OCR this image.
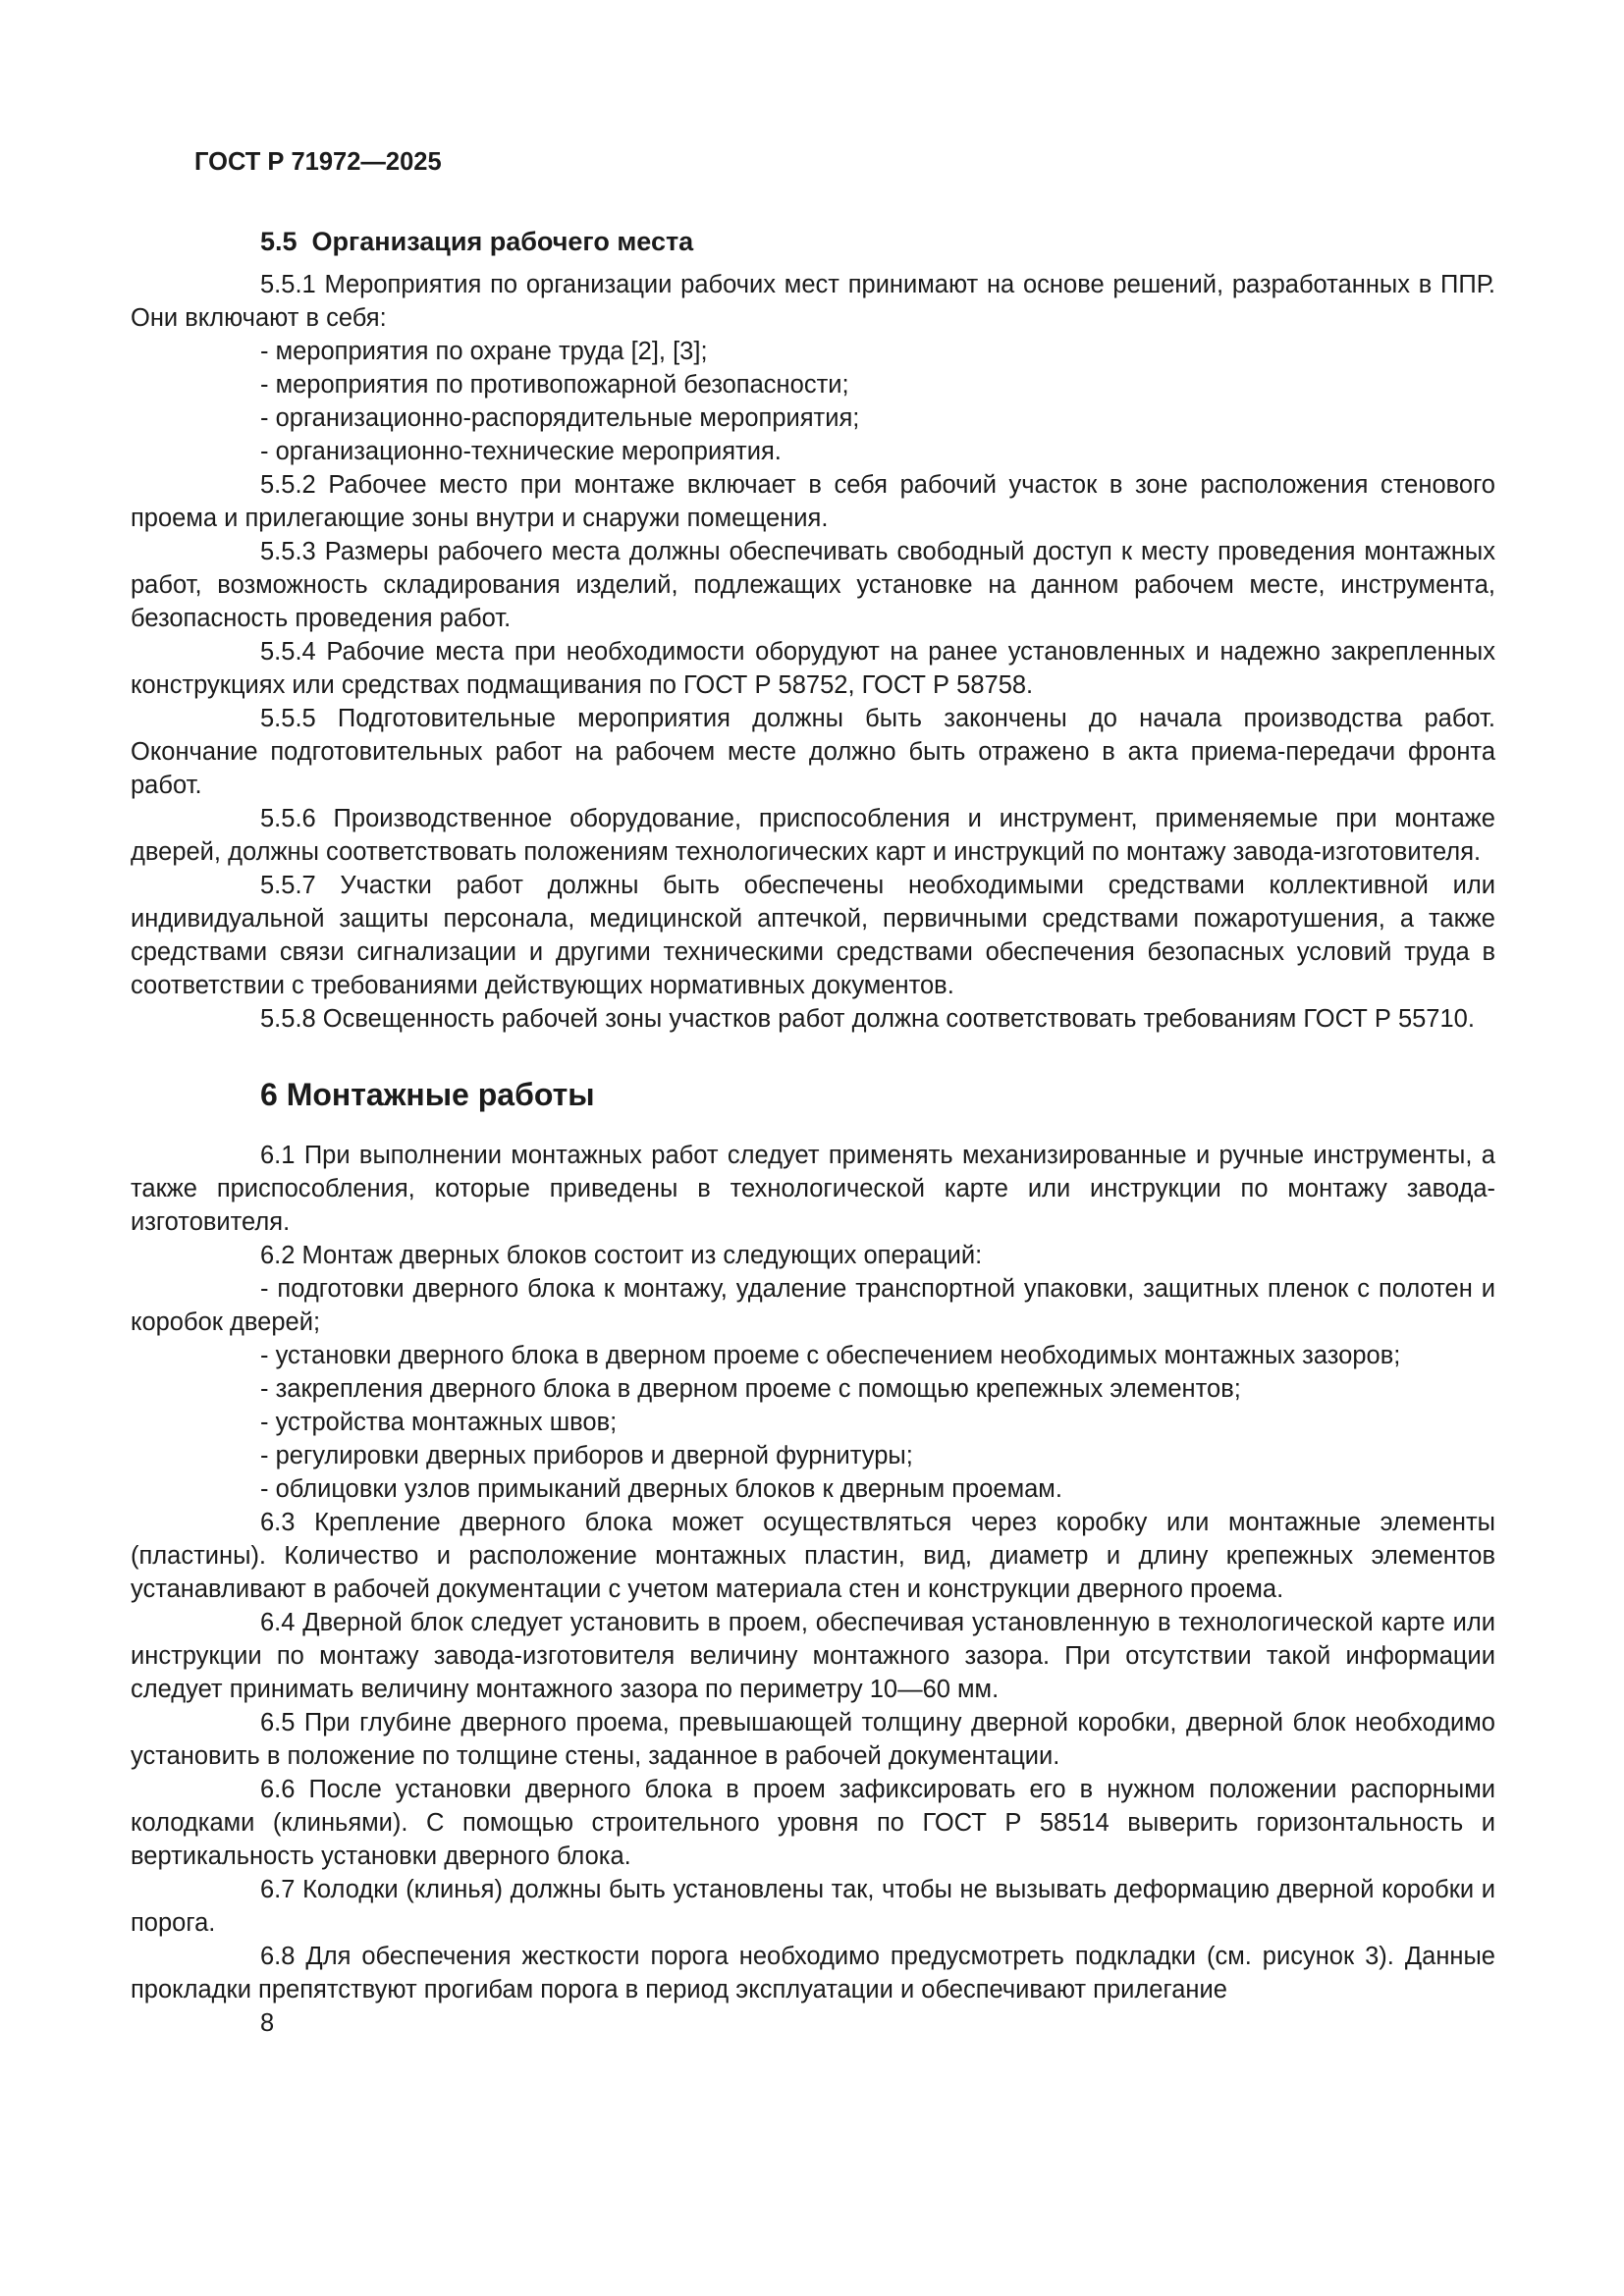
ГОСТ Р 71972—2025
5.5  Организация рабочего места

5.5.1 Мероприятия по организации рабочих мест принимают на основе решений, разработанных в ППР. Они включают в себя:

- мероприятия по охране труда [2], [3];

- мероприятия по противопожарной безопасности;

- организационно-распорядительные мероприятия;

- организационно-технические мероприятия.

5.5.2 Рабочее место при монтаже включает в себя рабочий участок в зоне расположения стенового проема и прилегающие зоны внутри и снаружи помещения.

5.5.3 Размеры рабочего места должны обеспечивать свободный доступ к месту проведения монтажных работ, возможность складирования изделий, подлежащих установке на данном рабочем месте, инструмента, безопасность проведения работ.

5.5.4 Рабочие места при необходимости оборудуют на ранее установленных и надежно закрепленных конструкциях или средствах подмащивания по ГОСТ Р 58752, ГОСТ Р 58758.

5.5.5 Подготовительные мероприятия должны быть закончены до начала производства работ. Окончание подготовительных работ на рабочем месте должно быть отражено в акта приема-передачи фронта работ.

5.5.6 Производственное оборудование, приспособления и инструмент, применяемые при монтаже дверей, должны соответствовать положениям технологических карт и инструкций по монтажу завода-изготовителя.

5.5.7 Участки работ должны быть обеспечены необходимыми средствами коллективной или индивидуальной защиты персонала, медицинской аптечкой, первичными средствами пожаротушения, а также средствами связи сигнализации и другими техническими средствами обеспечения безопасных условий труда в соответствии с требованиями действующих нормативных документов.

5.5.8 Освещенность рабочей зоны участков работ должна соответствовать требованиям ГОСТ Р 55710.

6 Монтажные работы

6.1 При выполнении монтажных работ следует применять механизированные и ручные инструменты, а также приспособления, которые приведены в технологической карте или инструкции по монтажу завода-изготовителя.

6.2 Монтаж дверных блоков состоит из следующих операций:

- подготовки дверного блока к монтажу, удаление транспортной упаковки, защитных пленок с полотен и коробок дверей;

- установки дверного блока в дверном проеме с обеспечением необходимых монтажных зазоров;

- закрепления дверного блока в дверном проеме с помощью крепежных элементов;

- устройства монтажных швов;

- регулировки дверных приборов и дверной фурнитуры;

- облицовки узлов примыканий дверных блоков к дверным проемам.

6.3 Крепление дверного блока может осуществляться через коробку или монтажные элементы (пластины). Количество и расположение монтажных пластин, вид, диаметр и длину крепежных элементов устанавливают в рабочей документации с учетом материала стен и конструкции дверного проема.

6.4 Дверной блок следует установить в проем, обеспечивая установленную в технологической карте или инструкции по монтажу завода-изготовителя величину монтажного зазора. При отсутствии такой информации следует принимать величину монтажного зазора по периметру 10—60 мм.

6.5 При глубине дверного проема, превышающей толщину дверной коробки, дверной блок необходимо установить в положение по толщине стены, заданное в рабочей документации.

6.6 После установки дверного блока в проем зафиксировать его в нужном положении распорными колодками (клиньями). С помощью строительного уровня по ГОСТ Р 58514 выверить горизонтальность и вертикальность установки дверного блока.

6.7 Колодки (клинья) должны быть установлены так, чтобы не вызывать деформацию дверной коробки и порога.

6.8 Для обеспечения жесткости порога необходимо предусмотреть подкладки (см. рисунок 3). Данные прокладки препятствуют прогибам порога в период эксплуатации и обеспечивают прилегание

8
